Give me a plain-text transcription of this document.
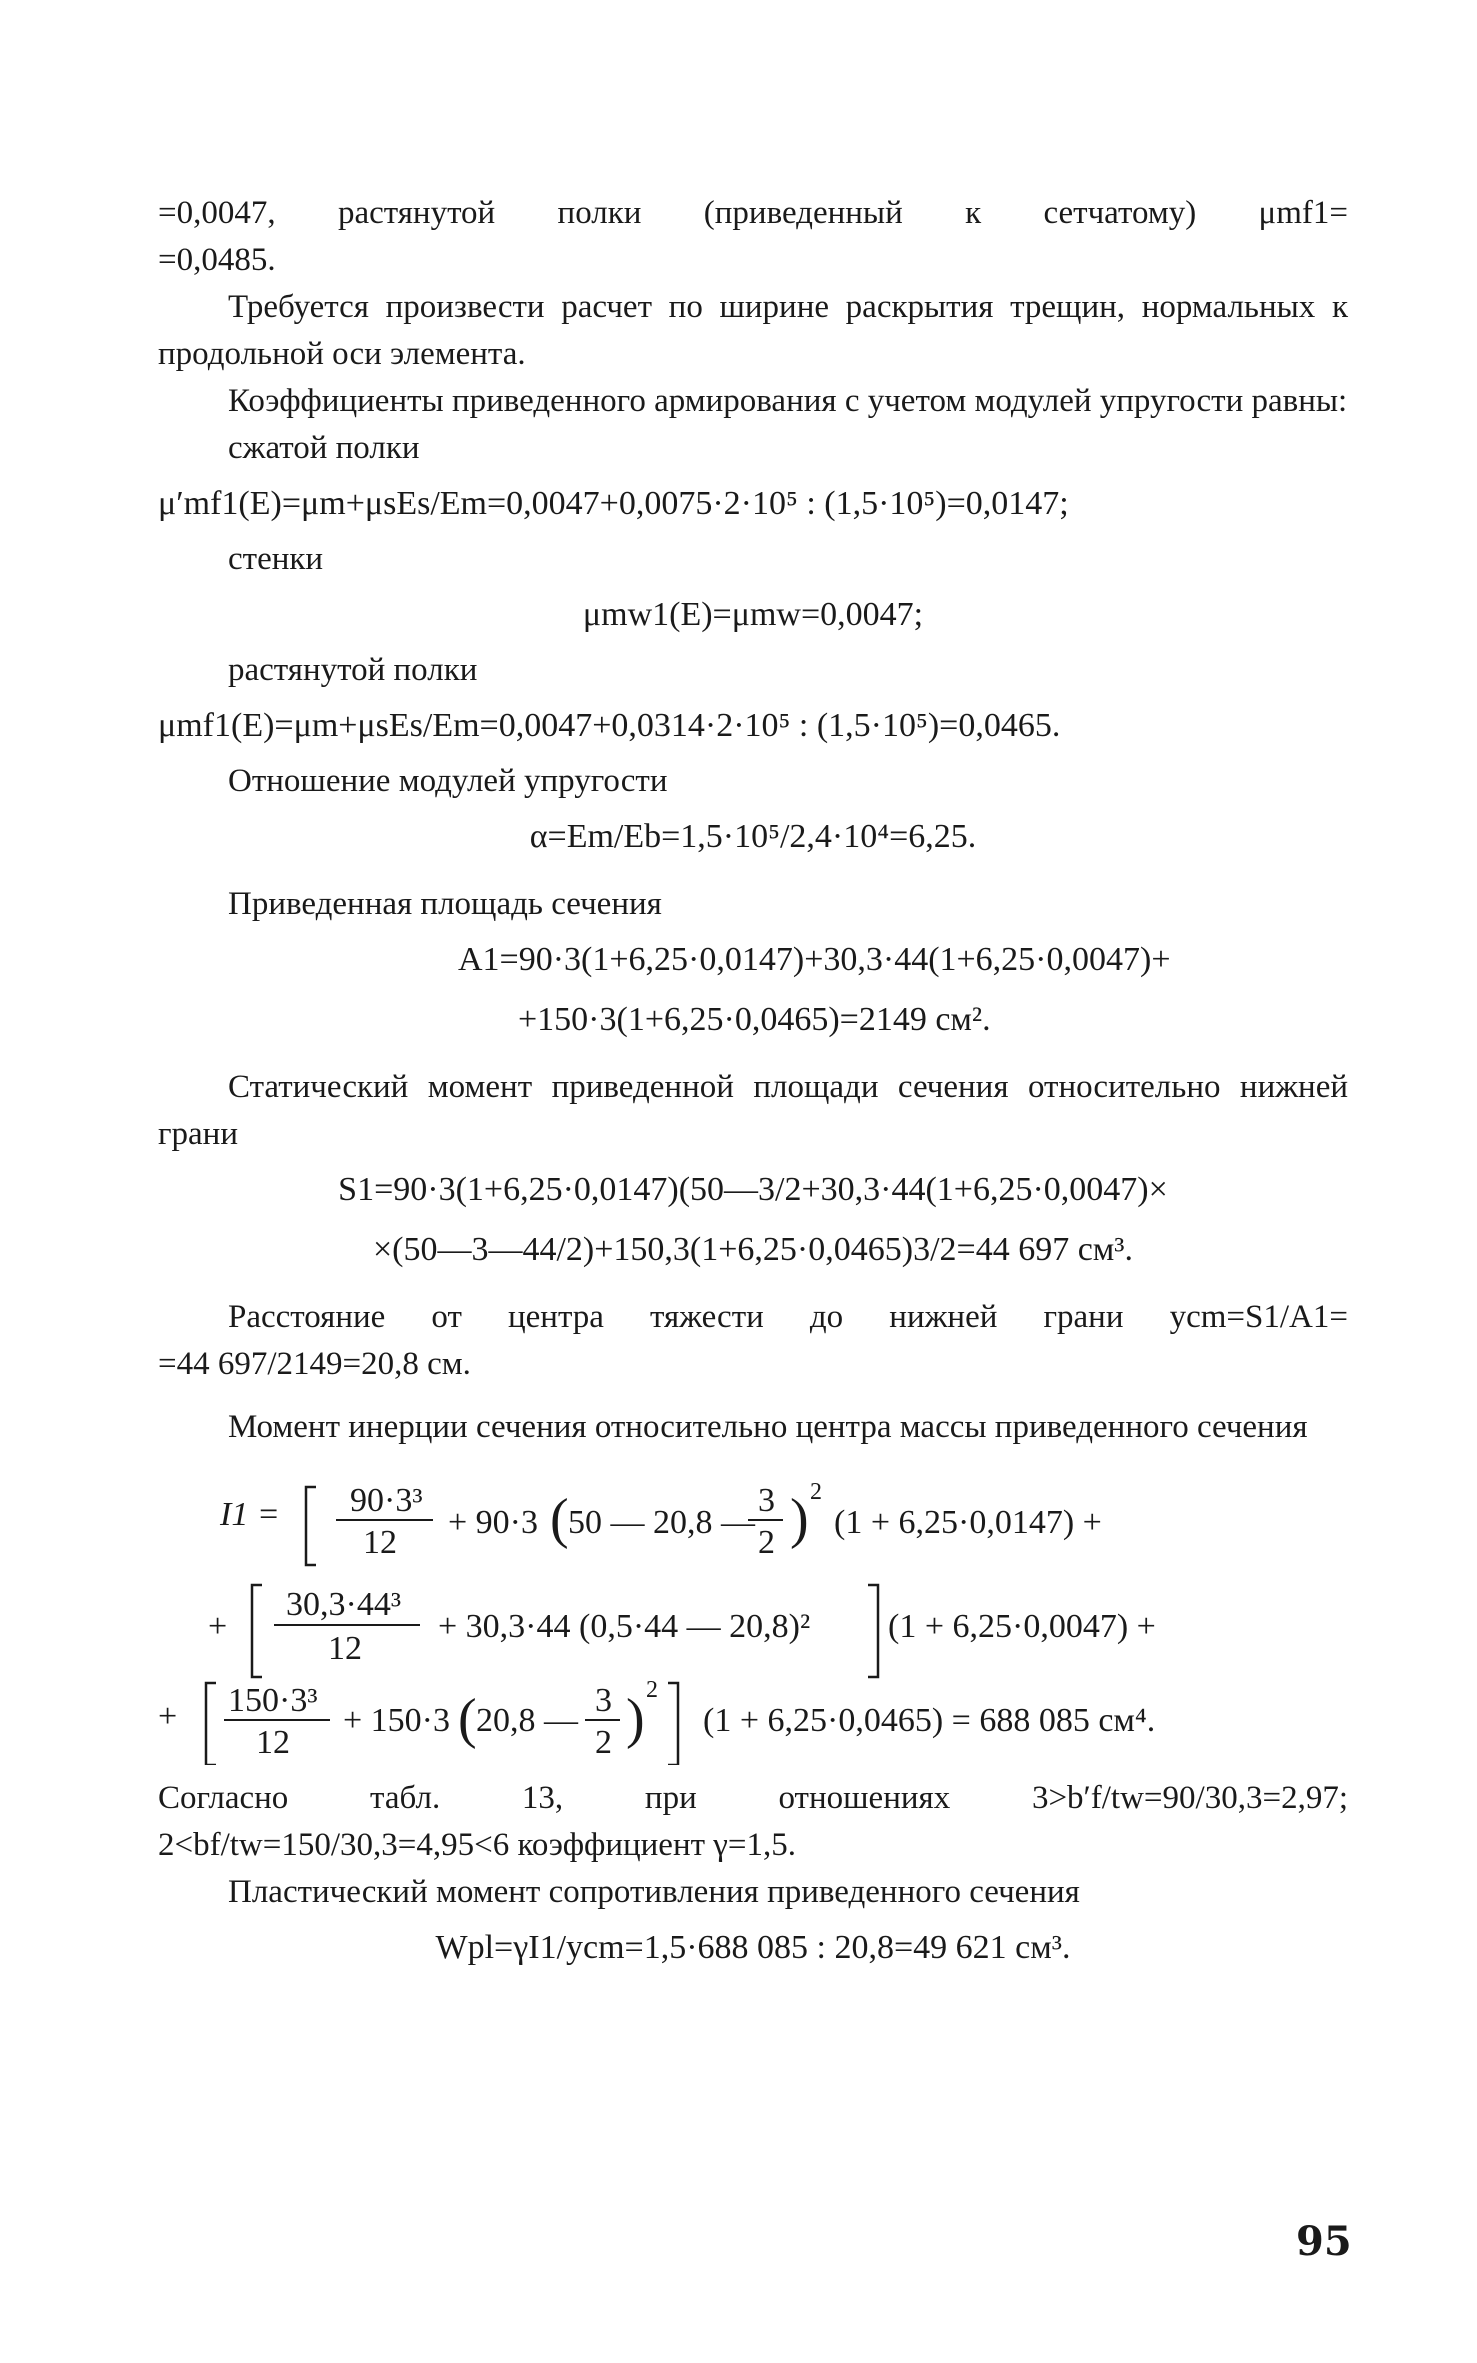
=0,0047, растянутой полки (приведенный к сетчатому) μmf1=

=0,0485.

Требуется произвести расчет по ширине раскрытия трещин, нормальных к продольной оси элемента.

Коэффициенты приведенного армирования с учетом модулей упругости равны:

сжатой полки

μ′mf1(E)=μm+μsEs/Em=0,0047+0,0075·2·10⁵ : (1,5·10⁵)=0,0147;

стенки

μmw1(E)=μmw=0,0047;

растянутой полки

μmf1(E)=μm+μsEs/Em=0,0047+0,0314·2·10⁵ : (1,5·10⁵)=0,0465.

Отношение модулей упругости

α=Em/Eb=1,5·10⁵/2,4·10⁴=6,25.

Приведенная площадь сечения

A1=90·3(1+6,25·0,0147)+30,3·44(1+6,25·0,0047)+

+150·3(1+6,25·0,0465)=2149 см².

Статический момент приведенной площади сечения относительно нижней грани

S1=90·3(1+6,25·0,0147)(50—3/2+30,3·44(1+6,25·0,0047)×

×(50—3—44/2)+150,3(1+6,25·0,0465)3/2=44 697 см³.

Расстояние от центра тяжести до нижней грани ycm=S1/A1=

=44 697/2149=20,8 см.

Момент инерции сечения относительно центра массы приведенного сечения

I1 = 90·3³
12
+ 90·3 ( 50 — 20,8 —
3
2 ) 2
(1 + 6,25·0,0147) +
+
30,3·44³
12
+ 30,3·44 (0,5·44 — 20,8)² (1 + 6,25·0,0047) +
+ 150·3³
12
+ 150·3 ( 20,8 —
3
2 ) 2
(1 + 6,25·0,0465) = 688 085 см⁴.

Согласно табл. 13, при отношениях 3>b′f/tw=90/30,3=2,97;

2<bf/tw=150/30,3=4,95<6 коэффициент γ=1,5.

Пластический момент сопротивления приведенного сечения

Wpl=γI1/ycm=1,5·688 085 : 20,8=49 621 см³.

95
